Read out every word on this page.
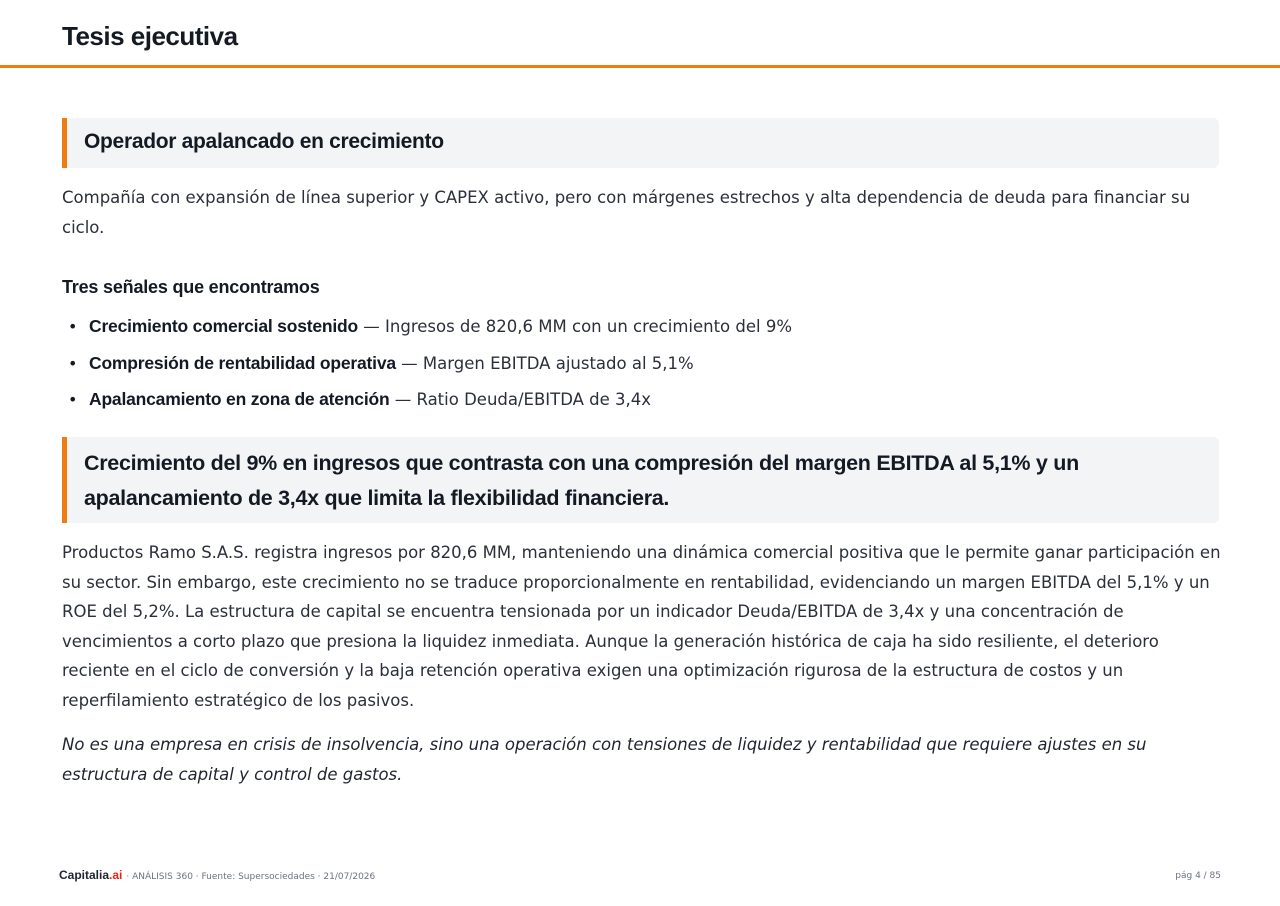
Tesis ejecutiva
Operador apalancado en crecimiento

Compañía con expansión de línea superior y CAPEX activo, pero con márgenes estrechos y alta dependencia de deuda para financiar su ciclo.

Tres señales que encontramos
• Crecimiento comercial sostenido — Ingresos de 820,6 MM con un crecimiento del 9%
• Compresión de rentabilidad operativa — Margen EBITDA ajustado al 5,1%
• Apalancamiento en zona de atención — Ratio Deuda/EBITDA de 3,4x
Crecimiento del 9% en ingresos que contrasta con una compresión del margen EBITDA al 5,1% y un apalancamiento de 3,4x que limita la flexibilidad financiera.

Productos Ramo S.A.S. registra ingresos por 820,6 MM, manteniendo una dinámica comercial positiva que le permite ganar participación en su sector. Sin embargo, este crecimiento no se traduce proporcionalmente en rentabilidad, evidenciando un margen EBITDA del 5,1% y un ROE del 5,2%. La estructura de capital se encuentra tensionada por un indicador Deuda/EBITDA de 3,4x y una concentración de vencimientos a corto plazo que presiona la liquidez inmediata. Aunque la generación histórica de caja ha sido resiliente, el deterioro reciente en el ciclo de conversión y la baja retención operativa exigen una optimización rigurosa de la estructura de costos y un reperfilamiento estratégico de los pasivos.

No es una empresa en crisis de insolvencia, sino una operación con tensiones de liquidez y rentabilidad que requiere ajustes en su estructura de capital y control de gastos.

Capitalia.ai · ANÁLISIS 360 · Fuente: Supersociedades · 21/07/2026	pág 4 / 85
